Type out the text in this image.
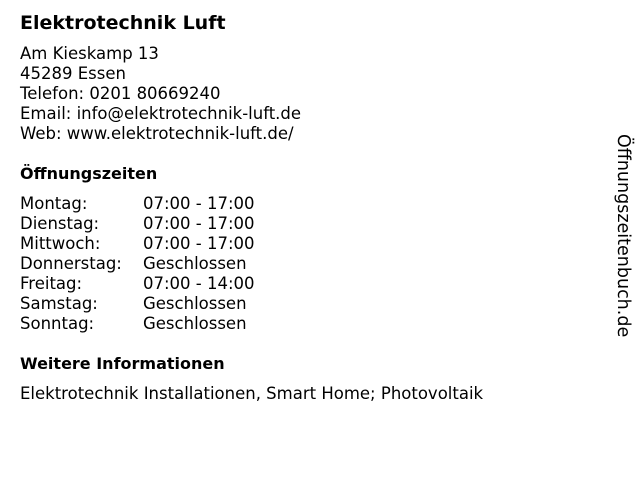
Elektrotechnik Luft
Am Kieskamp 13
45289 Essen
Telefon: 0201 80669240
Email: info@elektrotechnik-luft.de
Web: www.elektrotechnik-luft.de/
Öffnungszeiten
Montag:	07:00 - 17:00
Dienstag:	07:00 - 17:00
Mittwoch:	07:00 - 17:00
Donnerstag: Geschlossen
Freitag:	07:00 - 14:00
Samstag:	Geschlossen
Sonntag:	Geschlossen
Weitere Informationen
Elektrotechnik Installationen, Smart Home; Photovoltaik
Öffnungszeitenbuch.de
